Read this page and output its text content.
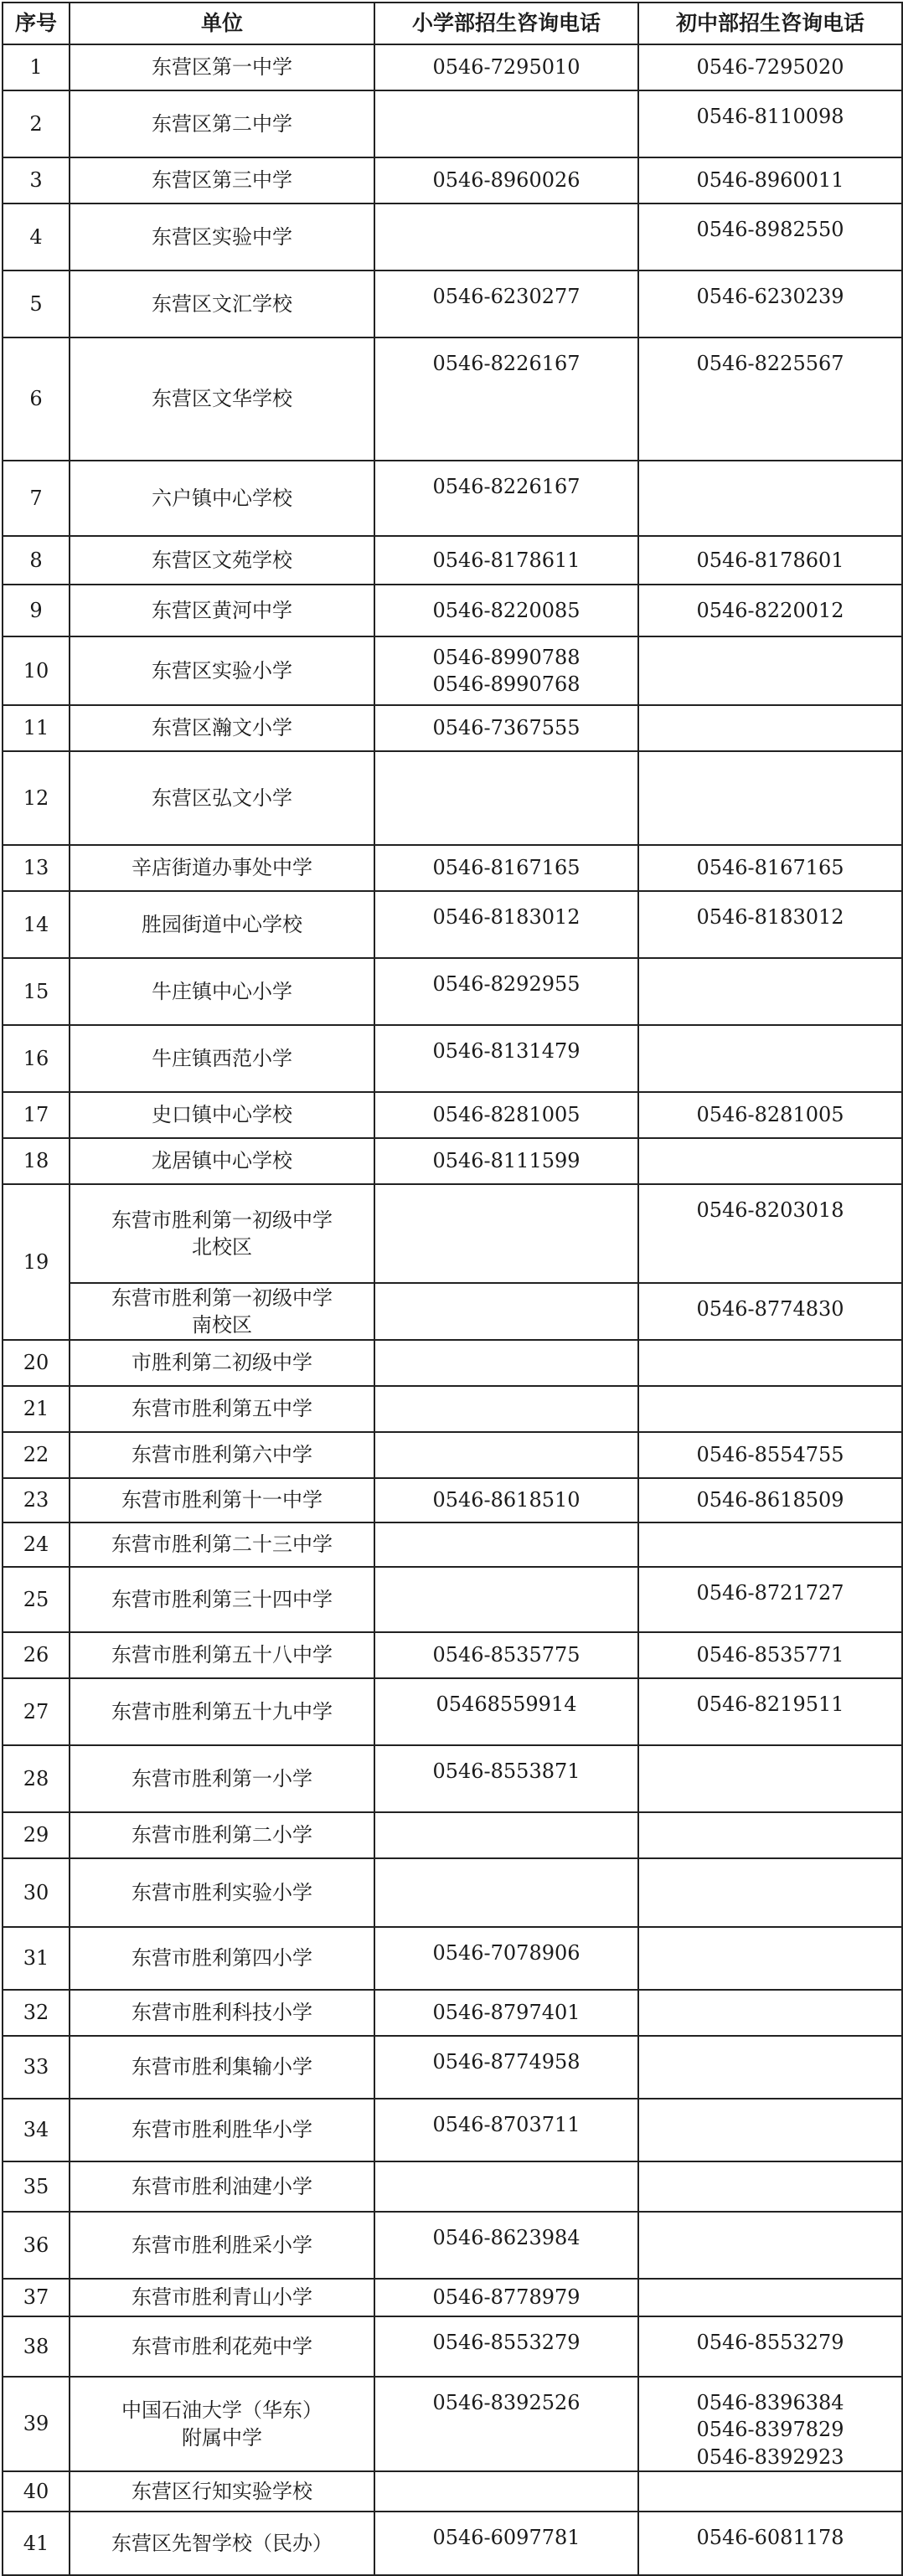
序号	单位	小学部招生咨询电话	初中部招生咨询电话
1	东营区第一中学	0546-7295010	0546-7295020

2	东营区第二中学		0546-8110098

3	东营区第三中学	0546-8960026	0546-8960011

4	东营区实验中学		0546-8982550

5	东营区文汇学校	0546-6230277	0546-6230239

6	东营区文华学校	0546-8226167	0546-8225567

7	六户镇中心学校	0546-8226167	

8	东营区文苑学校	0546-8178611	0546-8178601

9	东营区黄河中学	0546-8220085	0546-8220012

10	东营区实验小学	0546-8990788
0546-8990768	

11	东营区瀚文小学	0546-7367555	

12	东营区弘文小学		

13	辛店街道办事处中学	0546-8167165	0546-8167165

14	胜园街道中心学校	0546-8183012	0546-8183012

15	牛庄镇中心小学	0546-8292955	

16	牛庄镇西范小学	0546-8131479	

17	史口镇中心学校	0546-8281005	0546-8281005

18	龙居镇中心学校	0546-8111599	

19	东营市胜利第一初级中学
北校区		0546-8203018

	东营市胜利第一初级中学
南校区		0546-8774830

20	市胜利第二初级中学		

21	东营市胜利第五中学		

22	东营市胜利第六中学		0546-8554755

23	东营市胜利第十一中学	0546-8618510	0546-8618509

24	东营市胜利第二十三中学		

25	东营市胜利第三十四中学		0546-8721727

26	东营市胜利第五十八中学	0546-8535775	0546-8535771

27	东营市胜利第五十九中学	05468559914	0546-8219511

28	东营市胜利第一小学	0546-8553871	

29	东营市胜利第二小学		

30	东营市胜利实验小学		

31	东营市胜利第四小学	0546-7078906	

32	东营市胜利科技小学	0546-8797401	

33	东营市胜利集输小学	0546-8774958	

34	东营市胜利胜华小学	0546-8703711	

35	东营市胜利油建小学		

36	东营市胜利胜采小学	0546-8623984	

37	东营市胜利青山小学	0546-8778979	

38	东营市胜利花苑中学	0546-8553279	0546-8553279

39	中国石油大学（华东）
附属中学	0546-8392526	0546-8396384
0546-8397829
0546-8392923

40	东营区行知实验学校		

41	东营区先智学校（民办）	0546-6097781	0546-6081178
